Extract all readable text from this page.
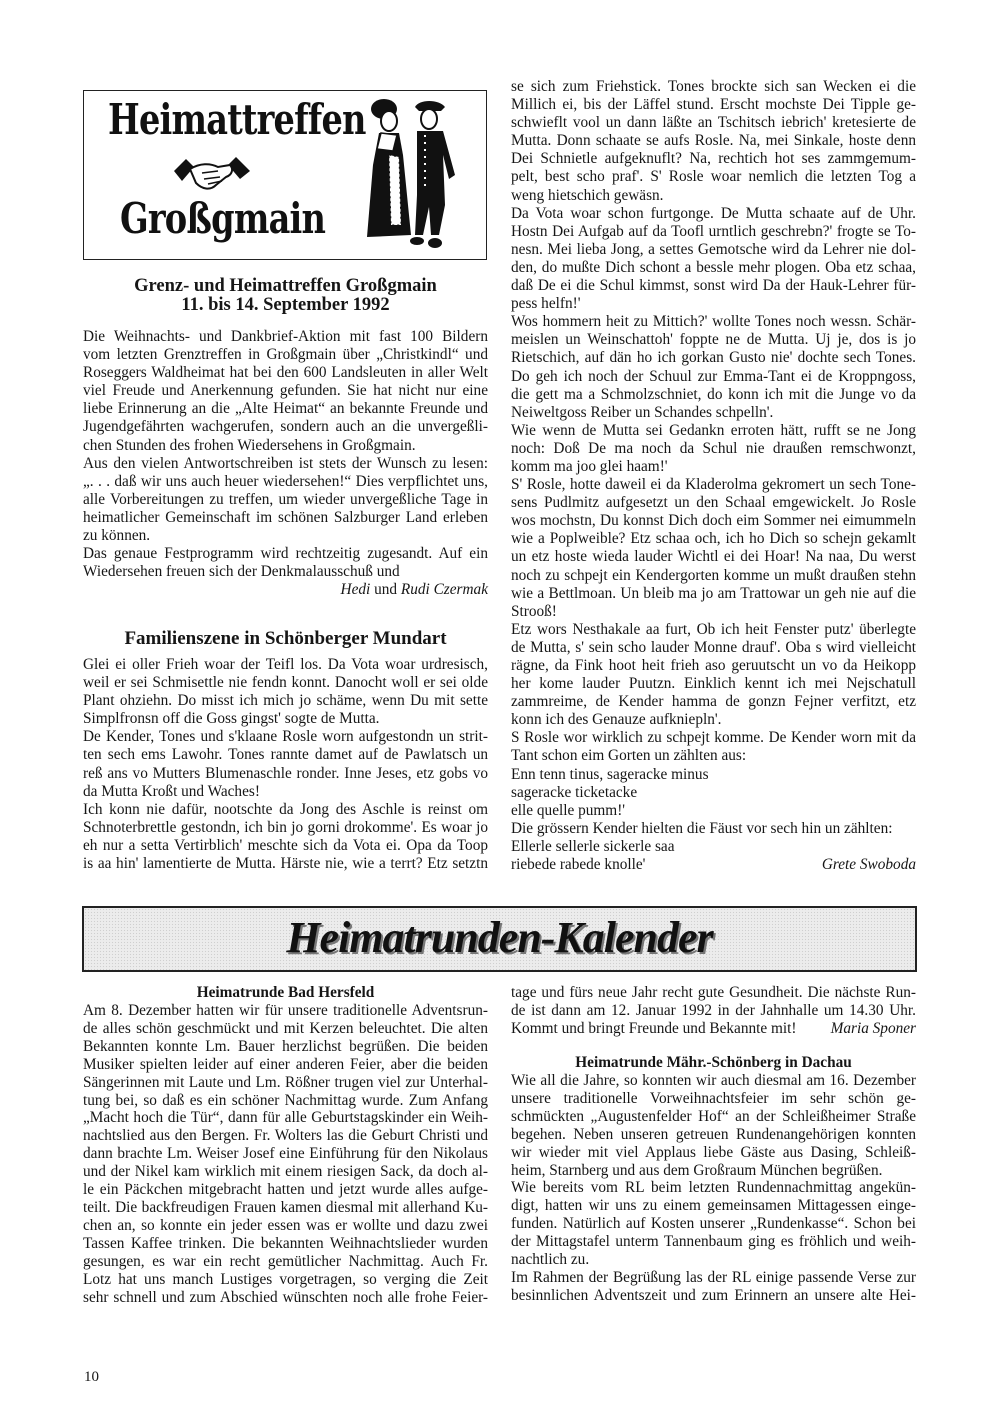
Heimattreffen
Großgmain
Grenz- und Heimattreffen Großgmain
11. bis 14. September 1992
Die Weihnachts- und Dankbrief-Aktion mit fast 100 Bildern
vom letzten Grenztreffen in Großgmain über „Christkindl“ und
Roseggers Waldheimat hat bei den 600 Landsleuten in aller Welt
viel Freude und Anerkennung gefunden. Sie hat nicht nur eine
liebe Erinnerung an die „Alte Heimat“ an bekannte Freunde und
Jugendgefährten wachgerufen, sondern auch an die unvergeßli-
chen Stunden des frohen Wiedersehens in Großgmain.
Aus den vielen Antwortschreiben ist stets der Wunsch zu lesen:
„. . . daß wir uns auch heuer wiedersehen!“ Dies verpflichtet uns,
alle Vorbereitungen zu treffen, um wieder unvergeßliche Tage in
heimatlicher Gemeinschaft im schönen Salzburger Land erleben
zu können.
Das genaue Festprogramm wird rechtzeitig zugesandt. Auf ein
Wiedersehen freuen sich der Denkmalausschuß und
Hedi und Rudi Czermak
Familienszene in Schönberger Mundart
Glei ei oller Frieh woar der Teifl los. Da Vota woar urdresisch,
weil er sei Schmisettle nie fendn konnt. Danocht woll er sei olde
Plant ohziehn. Do misst ich mich jo schäme, wenn Du mit sette
Simplfronsn off die Goss gingst' sogte de Mutta.
De Kender, Tones und s'klaane Rosle worn aufgestondn un strit-
ten sech ems Lawohr. Tones rannte damet auf de Pawlatsch un
reß ans vo Mutters Blumenaschle ronder. Inne Jeses, etz gobs vo
da Mutta Kroßt und Waches!
Ich konn nie dafür, nootschte da Jong des Aschle is reinst om
Schnoterbrettle gestondn, ich bin jo gorni drokomme'. Es woar jo
eh nur a setta Vertirblich' meschte sich da Vota ei. Opa da Toop
is aa hin' lamentierte de Mutta. Härste nie, wie a terrt? Etz setztn
se sich zum Friehstick. Tones brockte sich san Wecken ei die
Millich ei, bis der Läffel stund. Erscht mochste Dei Tipple ge-
schwieflt vool un dann läßte an Tschitsch iebrich' kretesierte de
Mutta. Donn schaate se aufs Rosle. Na, mei Sinkale, hoste denn
Dei Schnietle aufgeknuflt? Na, rechtich hot ses zammgemum-
pelt, best scho praf'. S' Rosle woar nemlich die letzten Tog a
weng hietschich gewäsn.
Da Vota woar schon furtgonge. De Mutta schaate auf de Uhr.
Hostn Dei Aufgab auf da Toofl urntlich geschrebn?' frogte se To-
nesn. Mei lieba Jong, a settes Gemotsche wird da Lehrer nie dol-
den, do mußte Dich schont a bessle mehr plogen. Oba etz schaa,
daß De ei die Schul kimmst, sonst wird Da der Hauk-Lehrer für-
pess helfn!'
Wos hommern heit zu Mittich?' wollte Tones noch wessn. Schär-
meislen un Weinschattoh' foppte ne de Mutta. Uj je, dos is jo
Rietschich, auf dän ho ich gorkan Gusto nie' dochte sech Tones.
Do geh ich noch der Schuul zur Emma-Tant ei de Kroppngoss,
die gett ma a Schmolzschniet, do konn ich mit die Junge vo da
Neiweltgoss Reiber un Schandes schpelln'.
Wie wenn de Mutta sei Gedankn erroten hätt, rufft se ne Jong
noch: Doß De ma noch da Schul nie draußen remschwonzt,
komm ma joo glei haam!'
S' Rosle, hotte daweil ei da Kladerolma gekromert un sech Tone-
sens Pudlmitz aufgesetzt un den Schaal emgewickelt. Jo Rosle
wos mochstn, Du konnst Dich doch eim Sommer nei eimummeln
wie a Poplweible? Etz schaa och, ich ho Dich so schejn gekamlt
un etz hoste wieda lauder Wichtl ei dei Hoar! Na naa, Du werst
noch zu schpejt ein Kendergorten komme un mußt draußen stehn
wie a Bettlmoan. Un bleib ma jo am Trattowar un geh nie auf die
Strooß!
Etz wors Nesthakale aa furt, Ob ich heit Fenster putz' überlegte
de Mutta, s' sein scho lauder Monne drauf'. Oba s wird vielleicht
rägne, da Fink hoot heit frieh aso geruutscht un vo da Heikopp
her kome lauder Puutzn. Einklich kennt ich mei Nejschatull
zammreime, de Kender hamma de gonzn Fejner verfitzt, etz
konn ich des Genauze aufkniepln'.
S Rosle wor wirklich zu schpejt komme. De Kender worn mit da
Tant schon eim Gorten un zählten aus:
Enn tenn tinus, sageracke minus
sageracke ticketacke
elle quelle pumm!'
Die grössern Kender hielten die Fäust vor sech hin un zählten:
Ellerle sellerle sickerle saa
riebede rabede knolle'	Grete Swoboda
Heimatrunden-Kalender
Heimatrunde Bad Hersfeld
Am 8. Dezember hatten wir für unsere traditionelle Adventsrun-
de alles schön geschmückt und mit Kerzen beleuchtet. Die alten
Bekannten konnte Lm. Bauer herzlichst begrüßen. Die beiden
Musiker spielten leider auf einer anderen Feier, aber die beiden
Sängerinnen mit Laute und Lm. Rößner trugen viel zur Unterhal-
tung bei, so daß es ein schöner Nachmittag wurde. Zum Anfang
„Macht hoch die Tür“, dann für alle Geburtstagskinder ein Weih-
nachtslied aus den Bergen. Fr. Wolters las die Geburt Christi und
dann brachte Lm. Weiser Josef eine Einführung für den Nikolaus
und der Nikel kam wirklich mit einem riesigen Sack, da doch al-
le ein Päckchen mitgebracht hatten und jetzt wurde alles aufge-
teilt. Die backfreudigen Frauen kamen diesmal mit allerhand Ku-
chen an, so konnte ein jeder essen was er wollte und dazu zwei
Tassen Kaffee trinken. Die bekannten Weihnachtslieder wurden
gesungen, es war ein recht gemütlicher Nachmittag. Auch Fr.
Lotz hat uns manch Lustiges vorgetragen, so verging die Zeit
sehr schnell und zum Abschied wünschten noch alle frohe Feier-
tage und fürs neue Jahr recht gute Gesundheit. Die nächste Run-
de ist dann am 12. Januar 1992 in der Jahnhalle um 14.30 Uhr.
Kommt und bringt Freunde und Bekannte mit! Maria Sponer
Heimatrunde Mähr.-Schönberg in Dachau
Wie all die Jahre, so konnten wir auch diesmal am 16. Dezember
unsere traditionelle Vorweihnachtsfeier im sehr schön ge-
schmückten „Augustenfelder Hof“ an der Schleißheimer Straße
begehen. Neben unseren getreuen Rundenangehörigen konnten
wir wieder mit viel Applaus liebe Gäste aus Dasing, Schleiß-
heim, Starnberg und aus dem Großraum München begrüßen.
Wie bereits vom RL beim letzten Rundennachmittag angekün-
digt, hatten wir uns zu einem gemeinsamen Mittagessen einge-
funden. Natürlich auf Kosten unserer „Rundenkasse“. Schon bei
der Mittagstafel unterm Tannenbaum ging es fröhlich und weih-
nachtlich zu.
Im Rahmen der Begrüßung las der RL einige passende Verse zur
besinnlichen Adventszeit und zum Erinnern an unsere alte Hei-
10
